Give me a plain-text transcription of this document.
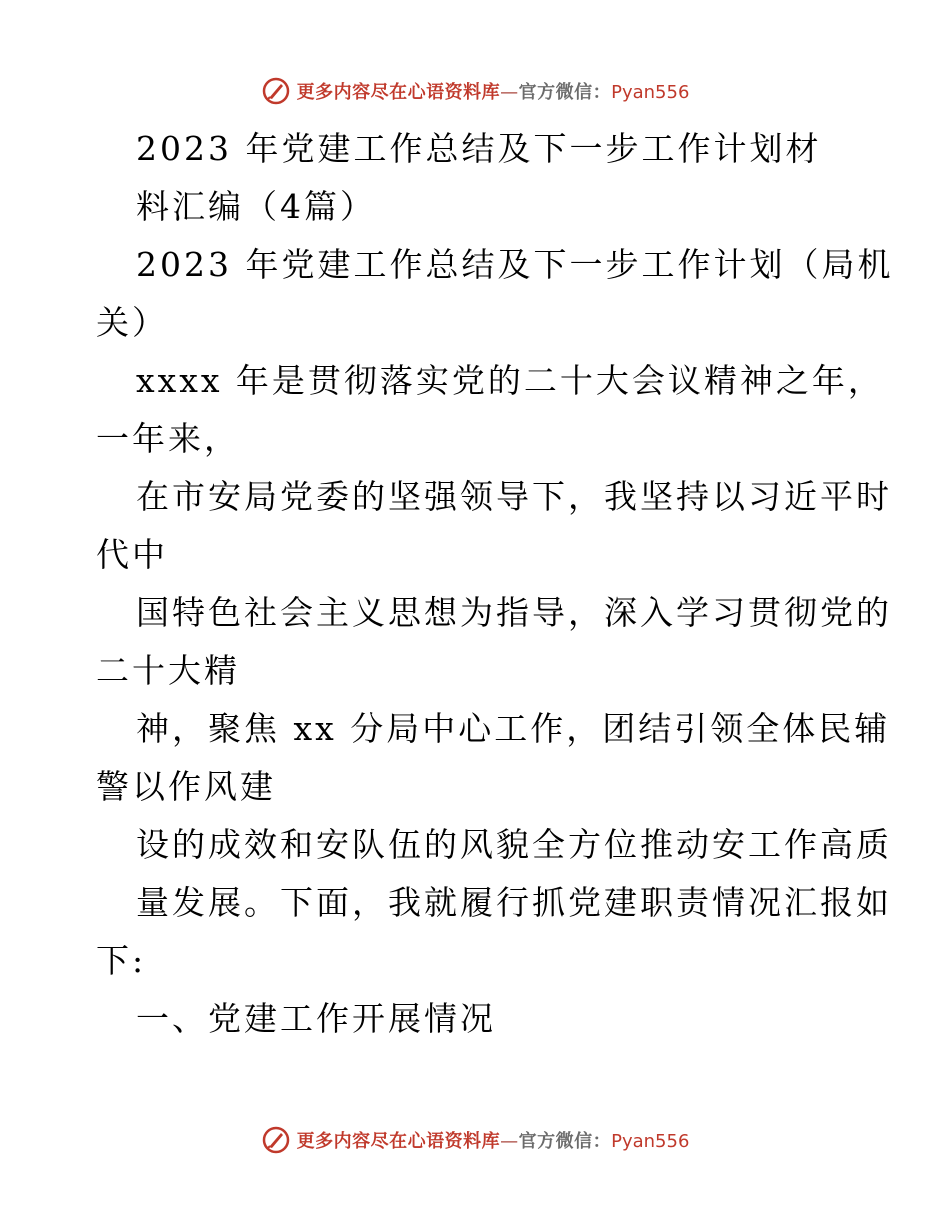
更多内容尽在心语资料库—官方微信：Pyan556
2023 年党建工作总结及下一步工作计划材
料汇编（4篇）
2023 年党建工作总结及下一步工作计划（局机
关）
xxxx 年是贯彻落实党的二十大会议精神之年，
一年来，
在市安局党委的坚强领导下，我坚持以习近平时
代中
国特色社会主义思想为指导，深入学习贯彻党的
二十大精
神，聚焦 xx 分局中心工作，团结引领全体民辅
警以作风建
设的成效和安队伍的风貌全方位推动安工作高质
量发展。下面，我就履行抓党建职责情况汇报如
下:
一、党建工作开展情况
更多内容尽在心语资料库—官方微信：Pyan556
